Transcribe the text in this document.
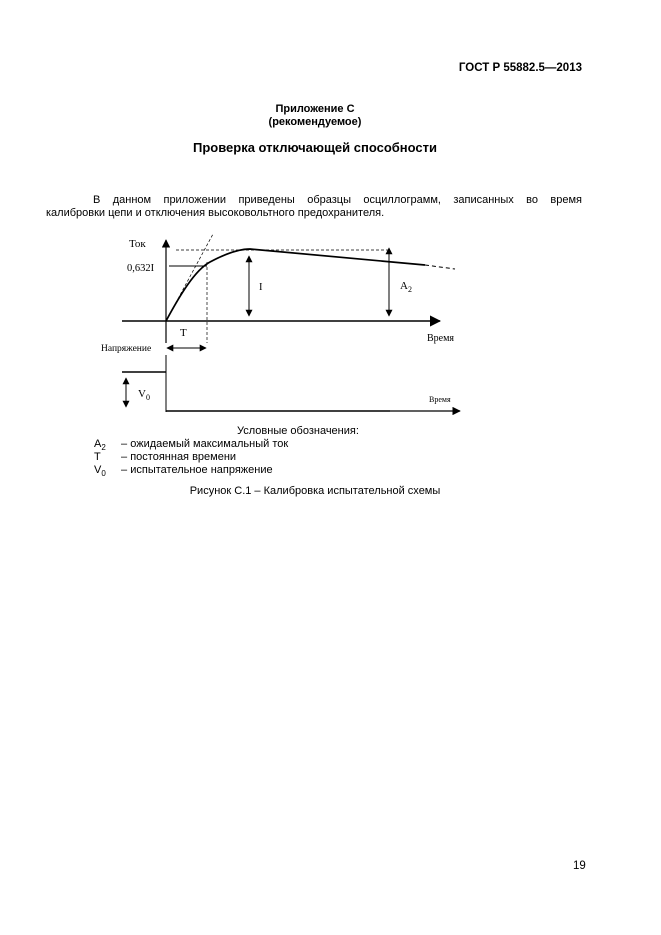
ГОСТ Р 55882.5—2013
Приложение С
(рекомендуемое)
Проверка отключающей способности
В данном приложении приведены образцы осциллограмм, записанных во время
калибровки цепи и отключения высоковольтного предохранителя.
Ток
0,632I
I	$A_2$
T	Время
Напряжение
$V_0$	Время
Условные обозначения:
$A_2$ – ожидаемый максимальный ток
T – постоянная времени
$V_0$ – испытательное напряжение
Рисунок С.1 – Калибровка испытательной схемы
19
